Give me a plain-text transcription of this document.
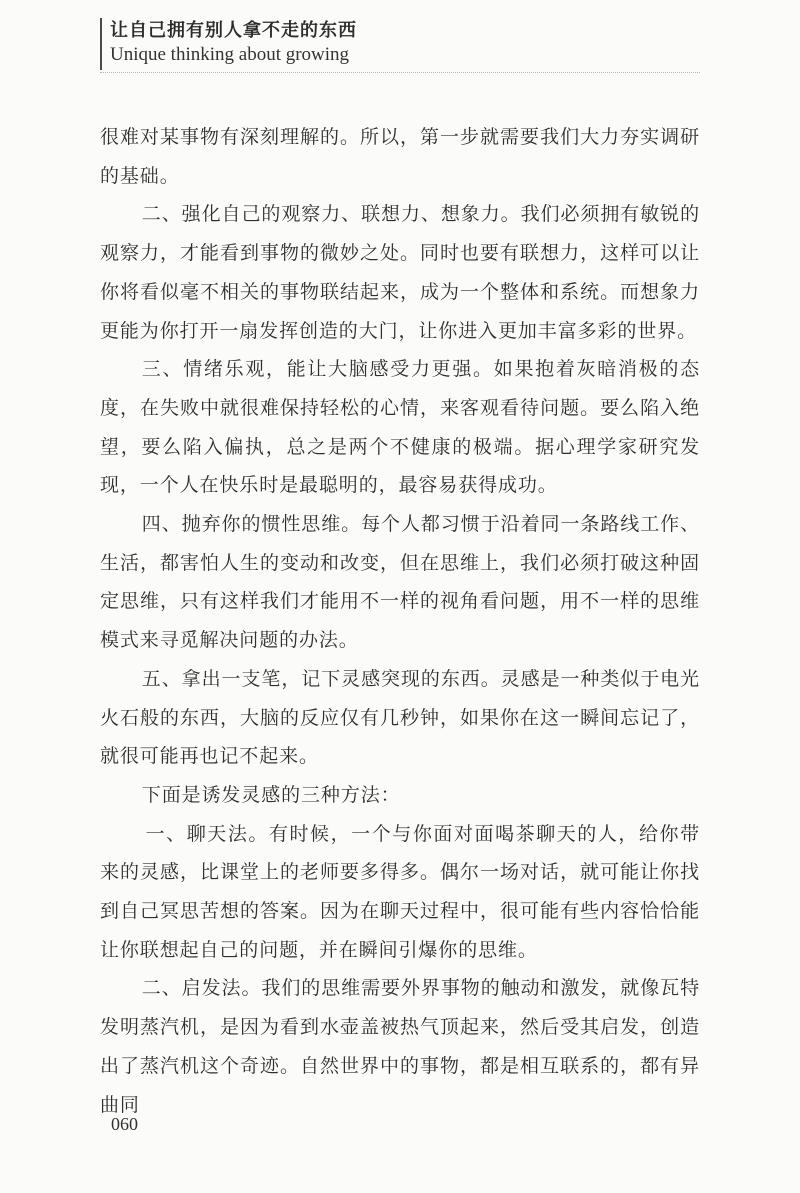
让自己拥有别人拿不走的东西
Unique thinking about growing

很难对某事物有深刻理解的。所以，第一步就需要我们大力夯实调研的基础。

二、强化自己的观察力、联想力、想象力。我们必须拥有敏锐的观察力，才能看到事物的微妙之处。同时也要有联想力，这样可以让你将看似毫不相关的事物联结起来，成为一个整体和系统。而想象力更能为你打开一扇发挥创造的大门，让你进入更加丰富多彩的世界。

三、情绪乐观，能让大脑感受力更强。如果抱着灰暗消极的态度，在失败中就很难保持轻松的心情，来客观看待问题。要么陷入绝望，要么陷入偏执，总之是两个不健康的极端。据心理学家研究发现，一个人在快乐时是最聪明的，最容易获得成功。

四、抛弃你的惯性思维。每个人都习惯于沿着同一条路线工作、生活，都害怕人生的变动和改变，但在思维上，我们必须打破这种固定思维，只有这样我们才能用不一样的视角看问题，用不一样的思维模式来寻觅解决问题的办法。

五、拿出一支笔，记下灵感突现的东西。灵感是一种类似于电光火石般的东西，大脑的反应仅有几秒钟，如果你在这一瞬间忘记了，就很可能再也记不起来。

下面是诱发灵感的三种方法：

一、聊天法。有时候，一个与你面对面喝茶聊天的人，给你带来的灵感，比课堂上的老师要多得多。偶尔一场对话，就可能让你找到自己冥思苦想的答案。因为在聊天过程中，很可能有些内容恰恰能让你联想起自己的问题，并在瞬间引爆你的思维。

二、启发法。我们的思维需要外界事物的触动和激发，就像瓦特发明蒸汽机，是因为看到水壶盖被热气顶起来，然后受其启发，创造出了蒸汽机这个奇迹。自然世界中的事物，都是相互联系的，都有异曲同

060
